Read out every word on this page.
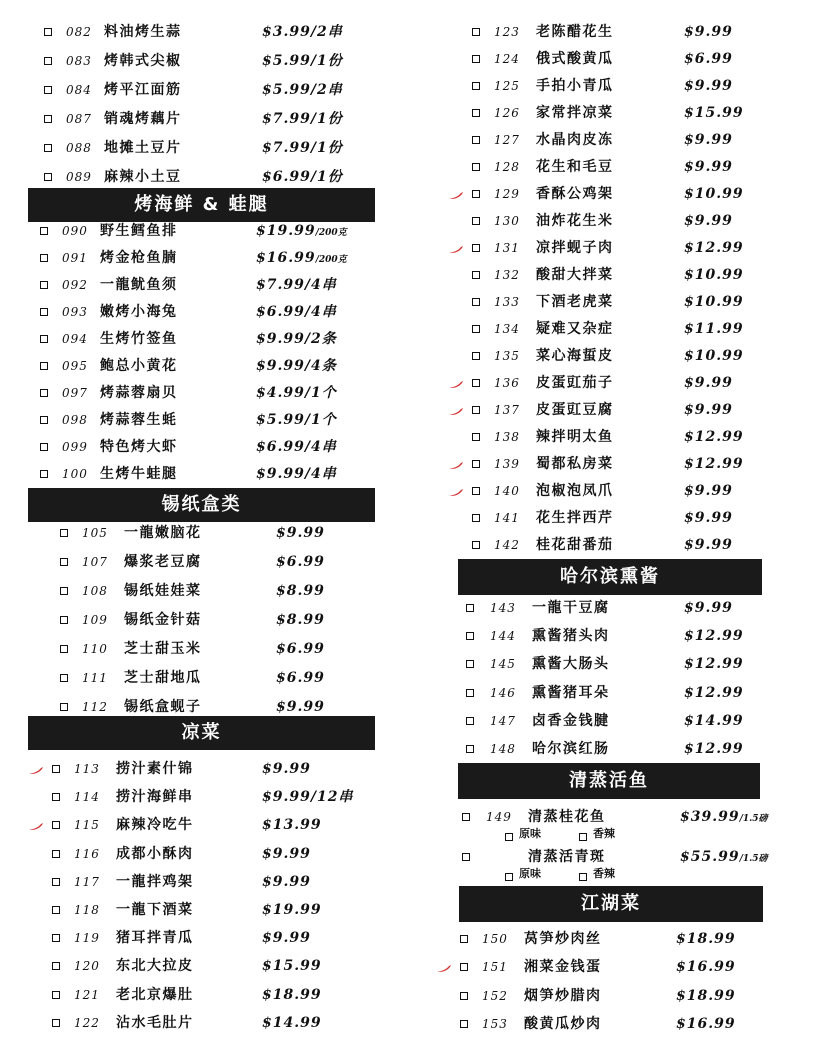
082 料油烤生蒜	$3.99/2串
083 烤韩式尖椒	$5.99/1份
084 烤平江面筋	$5.99/2串
087 销魂烤藕片	$7.99/1份
088 地摊土豆片	$7.99/1份
089 麻辣小土豆	$6.99/1份
烤海鲜 & 蛙腿
090 野生鳕鱼排	$19.99/200克
091 烤金枪鱼腩	$16.99/200克
092 一龍鱿鱼须	$7.99/4串
093 嫩烤小海兔	$6.99/4串
094 生烤竹签鱼	$9.99/2条
095 鲍总小黄花	$9.99/4条
097 烤蒜蓉扇贝	$4.99/1个
098 烤蒜蓉生蚝	$5.99/1个
099 特色烤大虾	$6.99/4串
100 生烤牛蛙腿	$9.99/4串
锡纸盒类
105 一龍嫩脑花	$9.99
107 爆浆老豆腐	$6.99
108 锡纸娃娃菜	$8.99
109 锡纸金针菇	$8.99
110 芝士甜玉米	$6.99
111 芝士甜地瓜	$6.99
112 锡纸盒蚬子	$9.99
凉菜
113 捞汁素什锦	$9.99
114 捞汁海鲜串	$9.99/12串
115 麻辣冷吃牛	$13.99
116 成都小酥肉	$9.99
117 一龍拌鸡架	$9.99
118 一龍下酒菜	$19.99
119 猪耳拌青瓜	$9.99
120 东北大拉皮	$15.99
121 老北京爆肚	$18.99
122 沾水毛肚片	$14.99
123 老陈醋花生	$9.99
124 俄式酸黄瓜	$6.99
125 手拍小青瓜	$9.99
126 家常拌凉菜	$15.99
127 水晶肉皮冻	$9.99
128 花生和毛豆	$9.99
129 香酥公鸡架	$10.99
130 油炸花生米	$9.99
131 凉拌蚬子肉	$12.99
132 酸甜大拌菜	$10.99
133 下酒老虎菜	$10.99
134 疑难又杂症	$11.99
135 菜心海蜇皮	$10.99
136 皮蛋豇茄子	$9.99
137 皮蛋豇豆腐	$9.99
138 辣拌明太鱼	$12.99
139 蜀都私房菜	$12.99
140 泡椒泡凤爪	$9.99
141 花生拌西芹	$9.99
142 桂花甜番茄	$9.99
哈尔滨熏酱
143 一龍干豆腐	$9.99
144 熏酱猪头肉	$12.99
145 熏酱大肠头	$12.99
146 熏酱猪耳朵	$12.99
147 卤香金钱腱	$14.99
148 哈尔滨红肠	$12.99
清蒸活鱼
149 清蒸桂花鱼	$39.99/1.5磅
原味	香辣
清蒸活青斑	$55.99/1.5磅
原味	香辣
江湖菜
150 莴笋炒肉丝	$18.99
151 湘菜金钱蛋	$16.99
152 烟笋炒腊肉	$18.99
153 酸黄瓜炒肉	$16.99
